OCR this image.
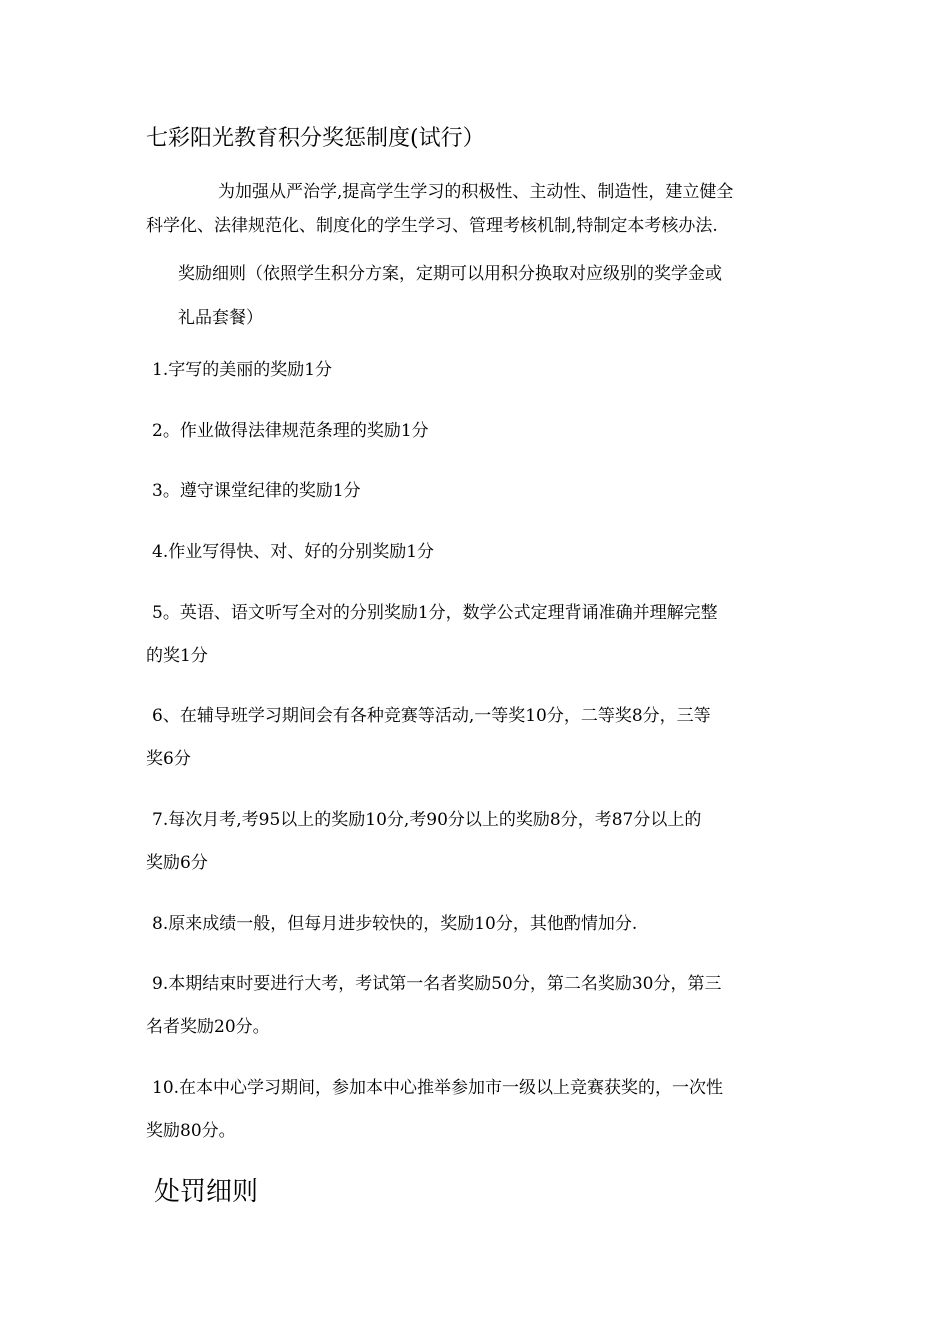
七彩阳光教育积分奖惩制度(试行）
为加强从严治学,提高学生学习的积极性、主动性、制造性，建立健全
科学化、法律规范化、制度化的学生学习、管理考核机制,特制定本考核办法.
奖励细则（依照学生积分方案，定期可以用积分换取对应级别的奖学金或
礼品套餐）
1.字写的美丽的奖励1分
2。作业做得法律规范条理的奖励1分
3。遵守课堂纪律的奖励1分
4.作业写得快、对、好的分别奖励1分
5。英语、语文听写全对的分别奖励1分，数学公式定理背诵准确并理解完整
的奖1分
6、在辅导班学习期间会有各种竞赛等活动,一等奖10分，二等奖8分，三等
奖6分
7.每次月考,考95以上的奖励10分,考90分以上的奖励8分，考87分以上的
奖励6分
8.原来成绩一般，但每月进步较快的，奖励10分，其他酌情加分.
9.本期结束时要进行大考，考试第一名者奖励50分，第二名奖励30分，第三
名者奖励20分。
10.在本中心学习期间，参加本中心推举参加市一级以上竞赛获奖的，一次性
奖励80分。
处罚细则
